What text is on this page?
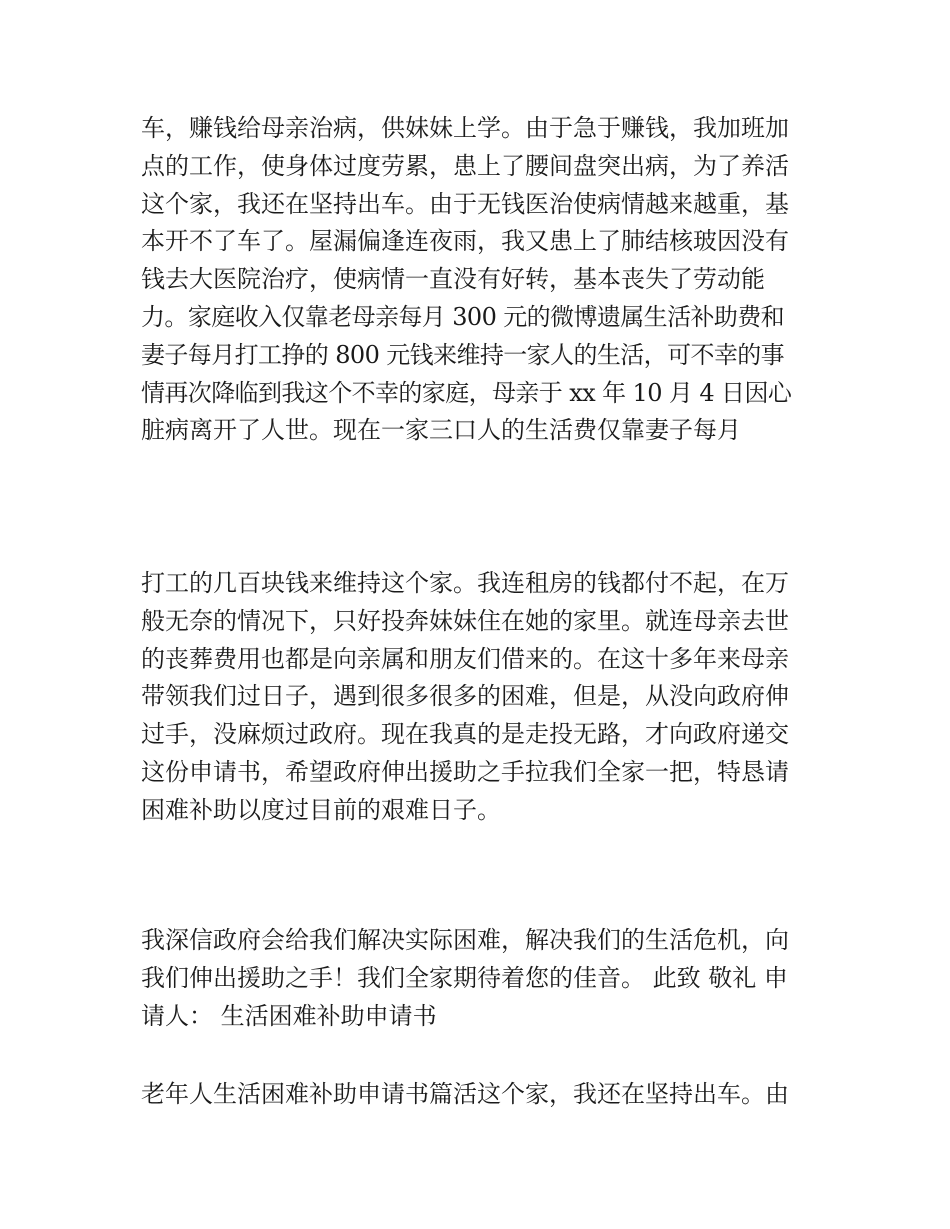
车，赚钱给母亲治病，供妹妹上学。由于急于赚钱，我加班加
点的工作，使身体过度劳累，患上了腰间盘突出病，为了养活
这个家，我还在坚持出车。由于无钱医治使病情越来越重，基
本开不了车了。屋漏偏逢连夜雨，我又患上了肺结核玻因没有
钱去大医院治疗，使病情一直没有好转，基本丧失了劳动能
力。家庭收入仅靠老母亲每月 300 元的微博遗属生活补助费和
妻子每月打工挣的 800 元钱来维持一家人的生活，可不幸的事
情再次降临到我这个不幸的家庭，母亲于 xx 年 10 月 4 日因心
脏病离开了人世。现在一家三口人的生活费仅靠妻子每月
打工的几百块钱来维持这个家。我连租房的钱都付不起，在万
般无奈的情况下，只好投奔妹妹住在她的家里。就连母亲去世
的丧葬费用也都是向亲属和朋友们借来的。在这十多年来母亲
带领我们过日子，遇到很多很多的困难，但是，从没向政府伸
过手，没麻烦过政府。现在我真的是走投无路，才向政府递交
这份申请书，希望政府伸出援助之手拉我们全家一把，特恳请
困难补助以度过目前的艰难日子。
我深信政府会给我们解决实际困难，解决我们的生活危机，向
我们伸出援助之手！我们全家期待着您的佳音。 此致 敬礼 申
请人： 生活困难补助申请书
老年人生活困难补助申请书篇活这个家，我还在坚持出车。由
